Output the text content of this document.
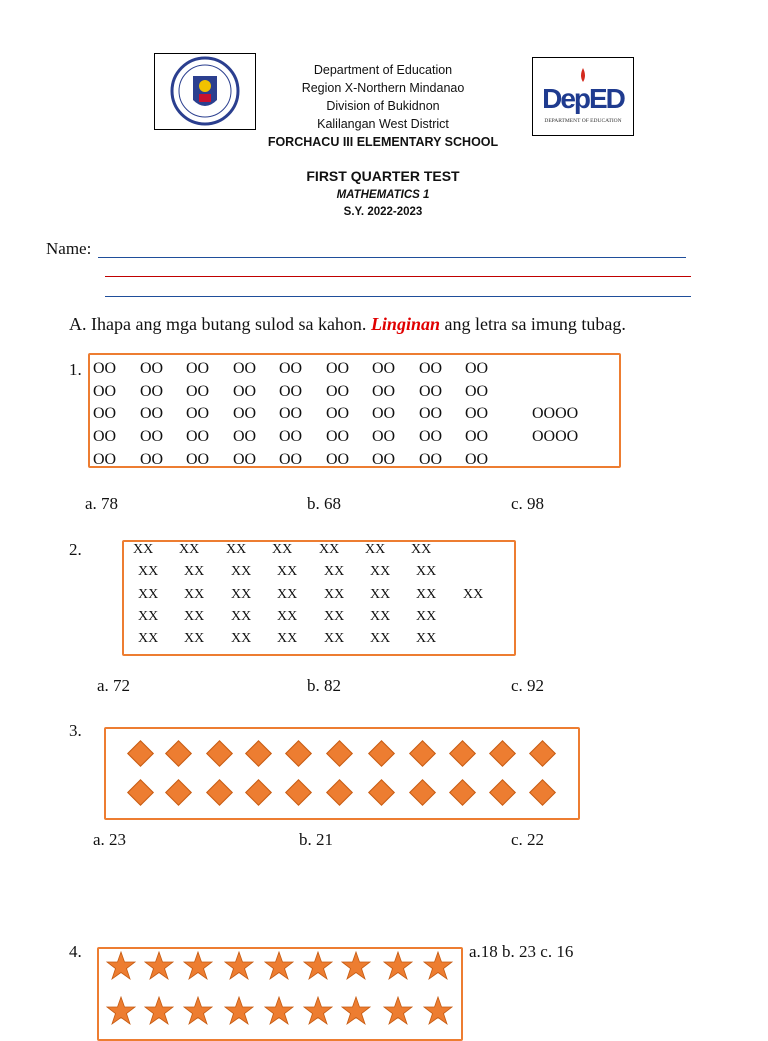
DepED
DEPARTMENT OF EDUCATION
Department of Education
Region X-Northern Mindanao
Division of Bukidnon
Kalilangan West District
FORCHACU III ELEMENTARY SCHOOL
FIRST QUARTER TEST
MATHEMATICS 1
S.Y. 2022-2023
Name:
A. Ihapa ang mga butang sulod sa kahon. Linginan ang letra sa imung tubag.
1. OO OO OO OO OO OO OO OO OO
OO OO OO OO OO OO OO OO OO
OO OO OO OO OO OO OO OO OO
OO OO OO OO OO OO OO OO OO
OO OO OO OO OO OO OO OO OO
OOOO
OOOO
a. 78	b. 68	c. 98
2.	XX XX XX XX XX XX XX
XX XX XX XX XX XX XX
XX XX XX XX XX XX XX
XX XX XX XX XX XX XX
XX XX XX XX XX XX XX
XX
a. 72	b. 82	c. 92
3.
a. 23	b. 21	c. 22
4.	a.18 b. 23 c. 16
